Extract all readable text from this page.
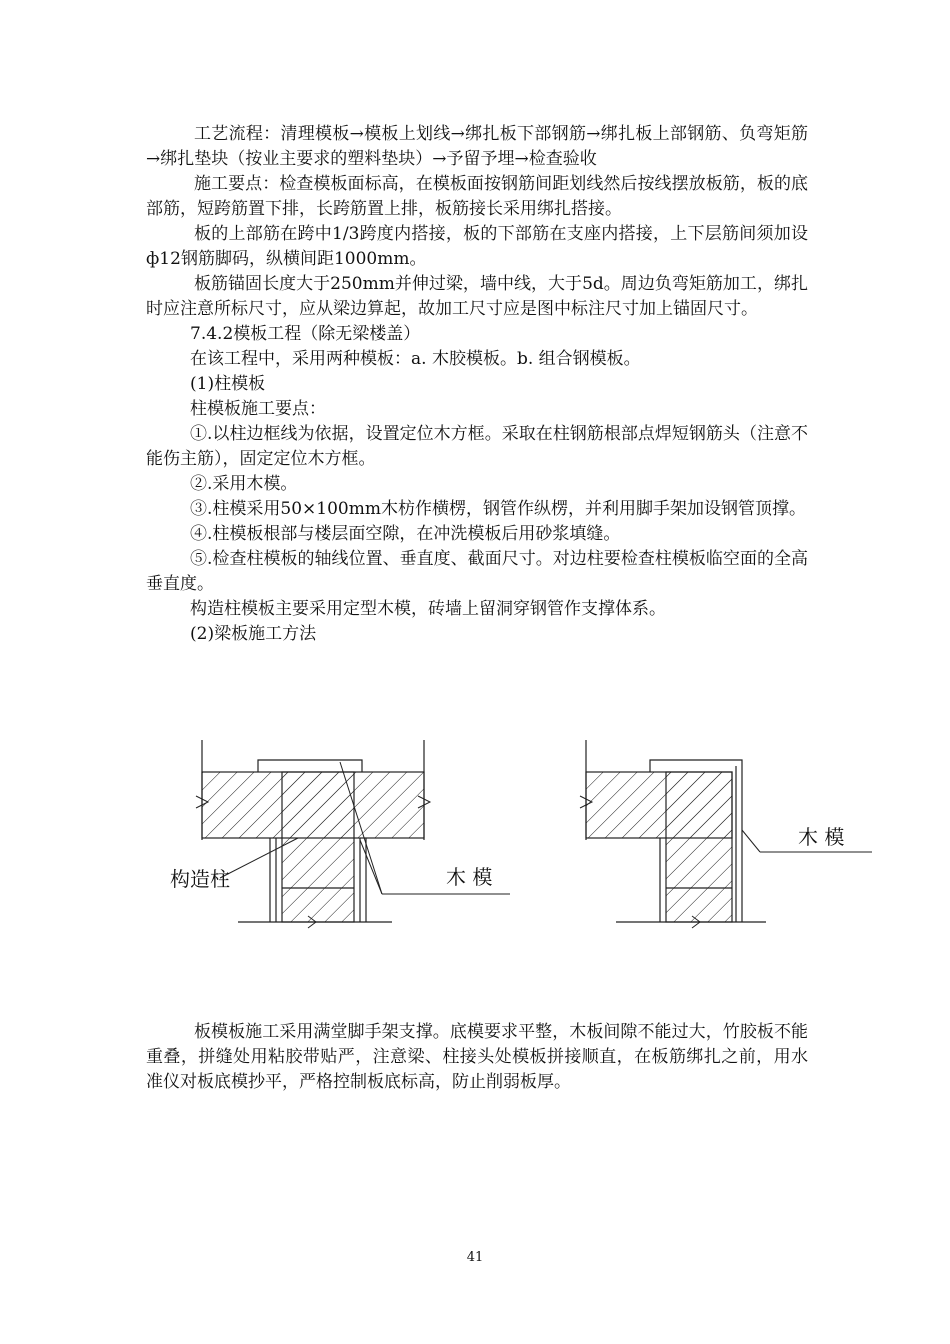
工艺流程：清理模板→模板上划线→绑扎板下部钢筋→绑扎板上部钢筋、负弯矩筋→绑扎垫块（按业主要求的塑料垫块）→予留予埋→检查验收

施工要点：检查模板面标高，在模板面按钢筋间距划线然后按线摆放板筋，板的底部筋，短跨筋置下排，长跨筋置上排，板筋接长采用绑扎搭接。

板的上部筋在跨中1/3跨度内搭接，板的下部筋在支座内搭接，上下层筋间须加设 ф12钢筋脚码，纵横间距1000mm。

板筋锚固长度大于250mm并伸过梁，墙中线，大于5d。周边负弯矩筋加工，绑扎时应注意所标尺寸，应从梁边算起，故加工尺寸应是图中标注尺寸加上锚固尺寸。

7.4.2模板工程（除无梁楼盖）

在该工程中，采用两种模板：a. 木胶模板。b. 组合钢模板。

(1)柱模板

柱模板施工要点：

①.以柱边框线为依据，设置定位木方框。采取在柱钢筋根部点焊短钢筋头（注意不能伤主筋），固定定位木方框。

②.采用木模。

③.柱模采用50×100mm木枋作横楞，钢管作纵楞，并利用脚手架加设钢管顶撑。

④.柱模板根部与楼层面空隙，在冲洗模板后用砂浆填缝。

⑤.检查柱模板的轴线位置、垂直度、截面尺寸。对边柱要检查柱模板临空面的全高垂直度。

构造柱模板主要采用定型木模，砖墙上留洞穿钢管作支撑体系。

(2)梁板施工方法

构造柱	木 模
木 模

板模板施工采用满堂脚手架支撑。底模要求平整，木板间隙不能过大，竹胶板不能重叠，拼缝处用粘胶带贴严，注意梁、柱接头处模板拼接顺直，在板筋绑扎之前，用水准仪对板底模抄平，严格控制板底标高，防止削弱板厚。

41
